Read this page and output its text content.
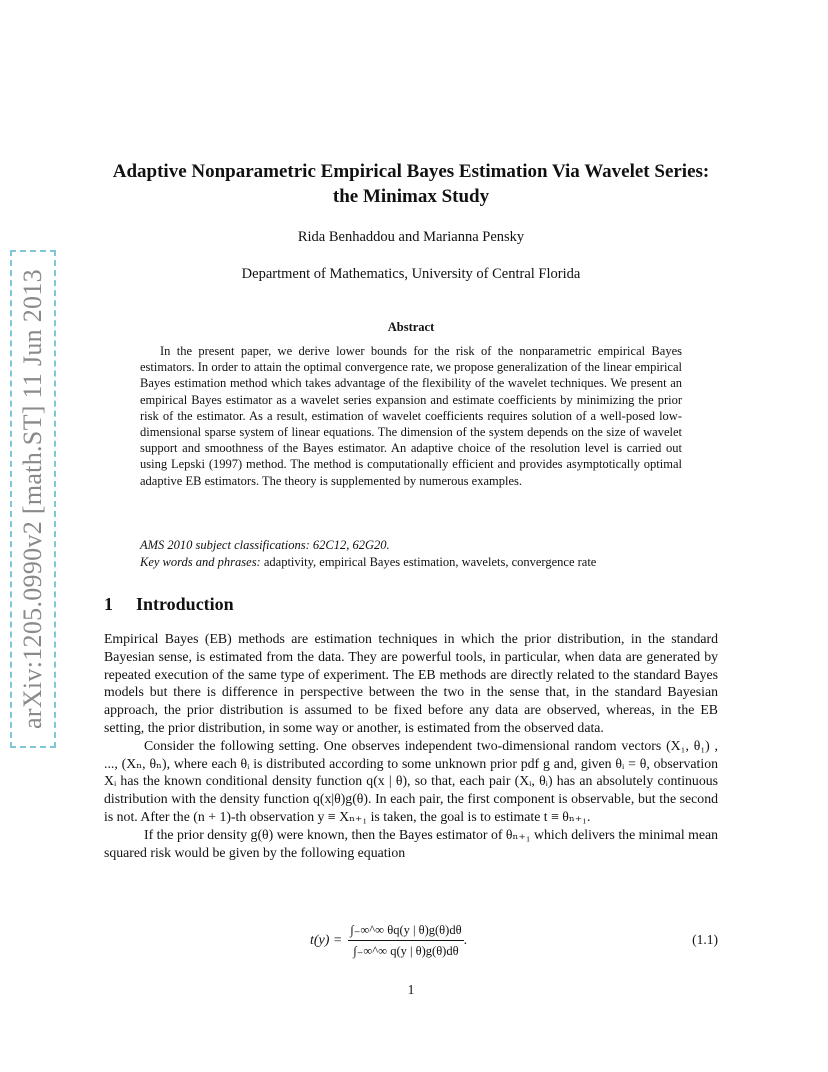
arXiv:1205.0990v2 [math.ST] 11 Jun 2013
Adaptive Nonparametric Empirical Bayes Estimation Via Wavelet Series: the Minimax Study
Rida Benhaddou and Marianna Pensky
Department of Mathematics, University of Central Florida
Abstract
In the present paper, we derive lower bounds for the risk of the nonparametric empirical Bayes estimators. In order to attain the optimal convergence rate, we propose generalization of the linear empirical Bayes estimation method which takes advantage of the flexibility of the wavelet techniques. We present an empirical Bayes estimator as a wavelet series expansion and estimate coefficients by minimizing the prior risk of the estimator. As a result, estimation of wavelet coefficients requires solution of a well-posed low-dimensional sparse system of linear equations. The dimension of the system depends on the size of wavelet support and smoothness of the Bayes estimator. An adaptive choice of the resolution level is carried out using Lepski (1997) method. The method is computationally efficient and provides asymptotically optimal adaptive EB estimators. The theory is supplemented by numerous examples.
AMS 2010 subject classifications: 62C12, 62G20.
Key words and phrases: adaptivity, empirical Bayes estimation, wavelets, convergence rate
1 Introduction

Empirical Bayes (EB) methods are estimation techniques in which the prior distribution, in the standard Bayesian sense, is estimated from the data. They are powerful tools, in particular, when data are generated by repeated execution of the same type of experiment. The EB methods are directly related to the standard Bayes models but there is difference in perspective between the two in the sense that, in the standard Bayesian approach, the prior distribution is assumed to be fixed before any data are observed, whereas, in the EB setting, the prior distribution, in some way or another, is estimated from the observed data.

Consider the following setting. One observes independent two-dimensional random vectors (X₁, θ₁) , ..., (Xₙ, θₙ), where each θᵢ is distributed according to some unknown prior pdf g and, given θᵢ = θ, observation Xᵢ has the known conditional density function q(x | θ), so that, each pair (Xᵢ, θᵢ) has an absolutely continuous distribution with the density function q(x|θ)g(θ). In each pair, the first component is observable, but the second is not. After the (n + 1)-th observation y ≡ Xₙ₊₁ is taken, the goal is to estimate t ≡ θₙ₊₁.

If the prior density g(θ) were known, then the Bayes estimator of θₙ₊₁ which delivers the minimal mean squared risk would be given by the following equation

$t(y) = \frac{\int_-\infty\^{}\infty \theta q(y | \theta)g(\theta)d\theta}{\int_-\infty\^{}\infty q(y | \theta)g(\theta)d\theta}$ .	(1.1)
1
